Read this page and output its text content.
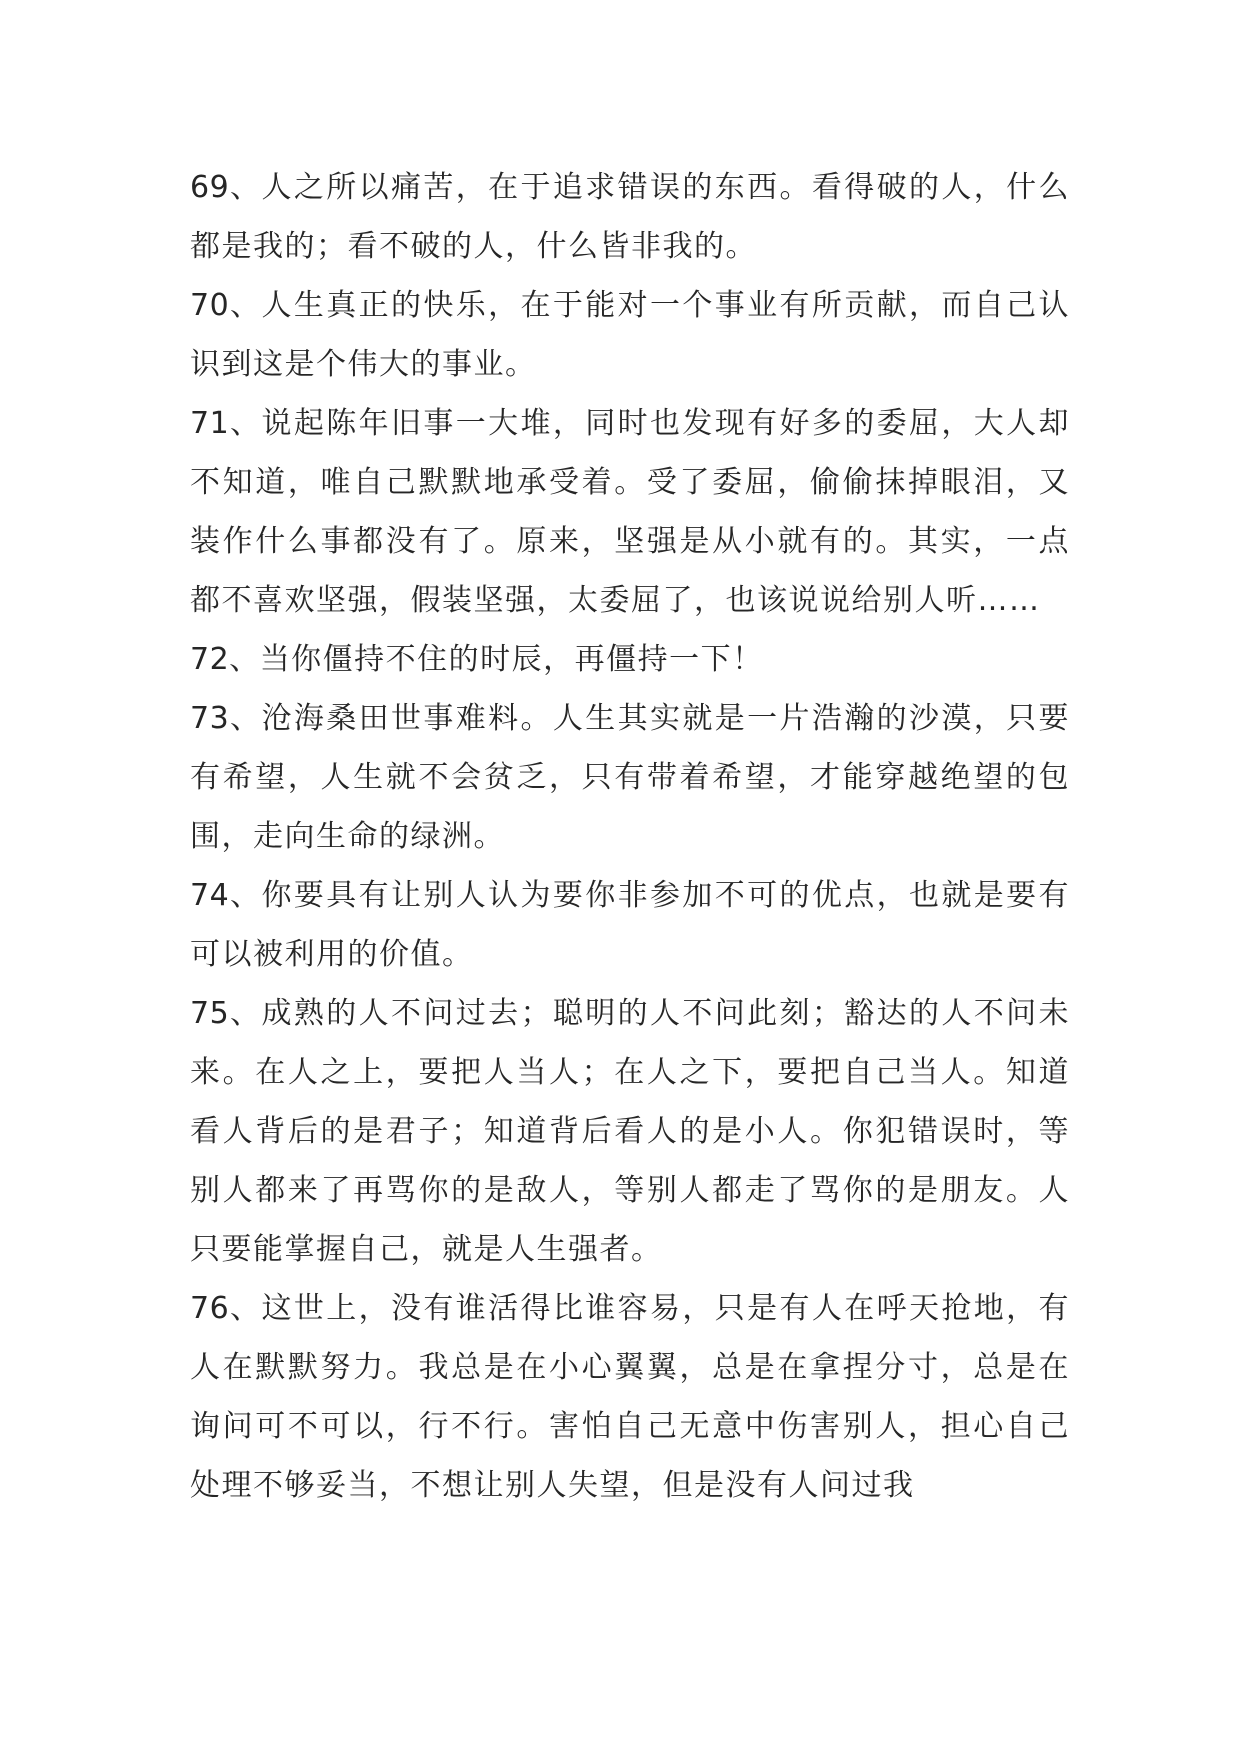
69、人之所以痛苦，在于追求错误的东西。看得破的人，什么都是我的；看不破的人，什么皆非我的。

70、人生真正的快乐，在于能对一个事业有所贡献，而自己认识到这是个伟大的事业。

71、说起陈年旧事一大堆，同时也发现有好多的委屈，大人却不知道，唯自己默默地承受着。受了委屈，偷偷抹掉眼泪，又装作什么事都没有了。原来，坚强是从小就有的。其实，一点都不喜欢坚强，假装坚强，太委屈了，也该说说给别人听……

72、当你僵持不住的时辰，再僵持一下！

73、沧海桑田世事难料。人生其实就是一片浩瀚的沙漠，只要有希望，人生就不会贫乏，只有带着希望，才能穿越绝望的包围，走向生命的绿洲。

74、你要具有让别人认为要你非参加不可的优点，也就是要有可以被利用的价值。

75、成熟的人不问过去；聪明的人不问此刻；豁达的人不问未来。在人之上，要把人当人；在人之下，要把自己当人。知道看人背后的是君子；知道背后看人的是小人。你犯错误时，等别人都来了再骂你的是敌人，等别人都走了骂你的是朋友。人只要能掌握自己，就是人生强者。

76、这世上，没有谁活得比谁容易，只是有人在呼天抢地，有人在默默努力。我总是在小心翼翼，总是在拿捏分寸，总是在询问可不可以，行不行。害怕自己无意中伤害别人，担心自己处理不够妥当，不想让别人失望，但是没有人问过我
